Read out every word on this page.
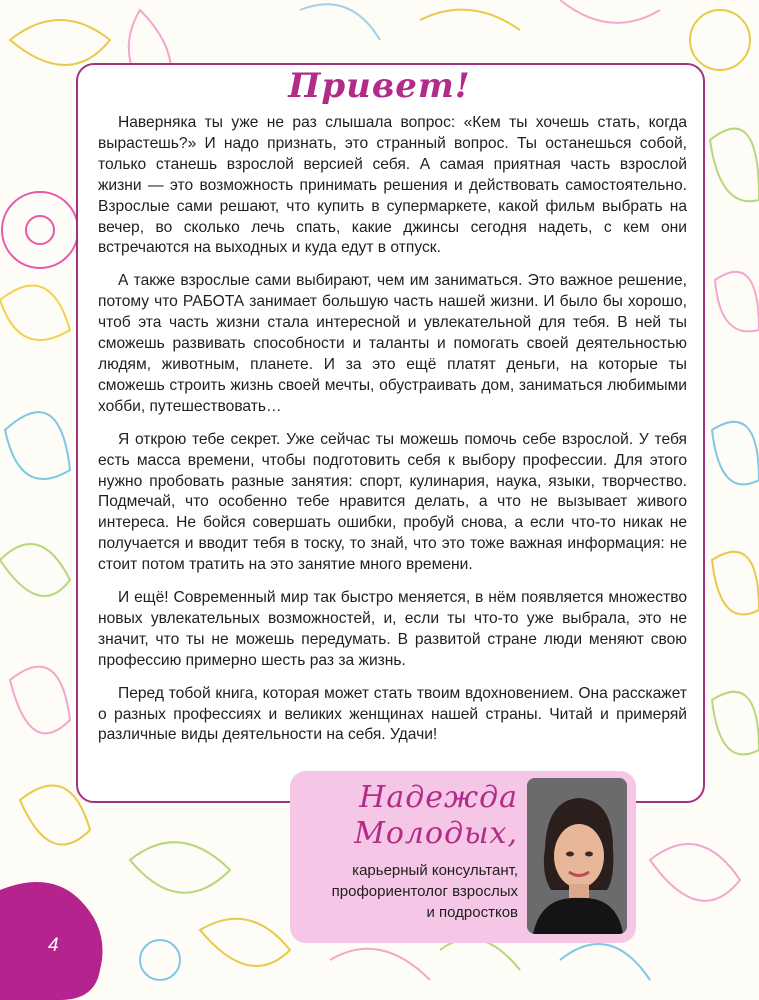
Привет!

Наверняка ты уже не раз слышала вопрос: «Кем ты хочешь стать, когда вырастешь?» И надо признать, это странный вопрос. Ты останешься собой, только станешь взрослой версией себя. А самая приятная часть взрослой жизни — это возможность принимать решения и действовать самостоятельно. Взрослые сами решают, что купить в супермаркете, какой фильм выбрать на вечер, во сколько лечь спать, какие джинсы сегодня надеть, с кем они встречаются на выходных и куда едут в отпуск.

А также взрослые сами выбирают, чем им заниматься. Это важное решение, потому что РАБОТА занимает большую часть нашей жизни. И было бы хорошо, чтоб эта часть жизни стала интересной и увлекательной для тебя. В ней ты сможешь развивать способности и таланты и помогать своей деятельностью людям, животным, планете. И за это ещё платят деньги, на которые ты сможешь строить жизнь своей мечты, обустраивать дом, заниматься любимыми хобби, путешествовать…

Я открою тебе секрет. Уже сейчас ты можешь помочь себе взрослой. У тебя есть масса времени, чтобы подготовить себя к выбору профессии. Для этого нужно пробовать разные занятия: спорт, кулинария, наука, языки, творчество. Подмечай, что особенно тебе нравится делать, а что не вызывает живого интереса. Не бойся совершать ошибки, пробуй снова, а если что-то никак не получается и вводит тебя в тоску, то знай, что это тоже важная информация: не стоит потом тратить на это занятие много времени.

И ещё! Современный мир так быстро меняется, в нём появляется множество новых увлекательных возможностей, и, если ты что-то уже выбрала, это не значит, что ты не можешь передумать. В развитой стране люди меняют свою профессию примерно шесть раз за жизнь.

Перед тобой книга, которая может стать твоим вдохновением. Она расскажет о разных профессиях и великих женщинах нашей страны. Читай и примеряй различные виды деятельности на себя. Удачи!

Надежда
Молодых,
карьерный консультант,
профориентолог взрослых
и подростков
4
